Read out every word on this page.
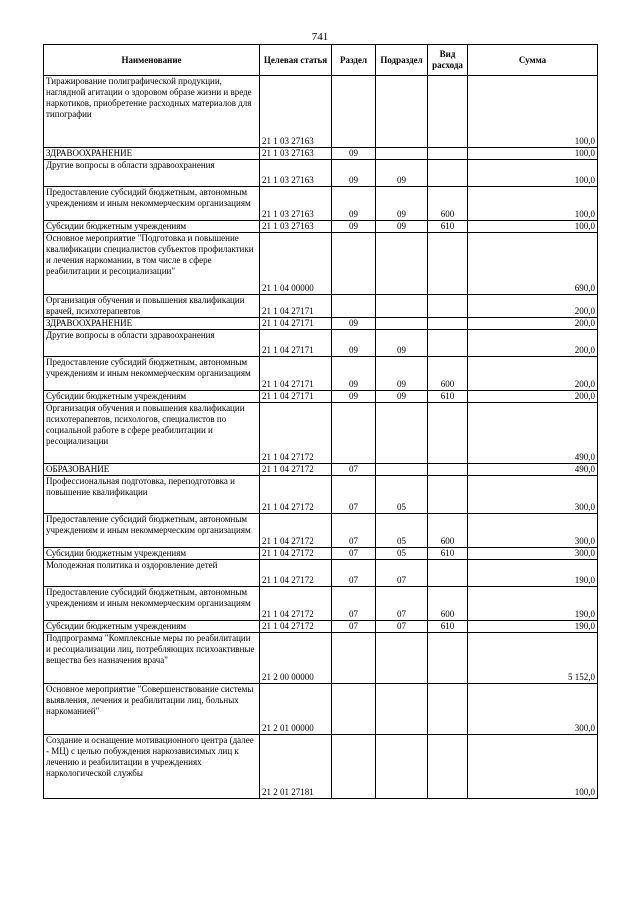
741
Наименование	Целевая статья	Раздел	Подраздел	Вид расхода	Сумма
Тиражирование полиграфической продукции, наглядной агитации о здоровом образе жизни и вреде наркотиков, приобретение расходных материалов для типографии	21 1 03 27163				100,0
ЗДРАВООХРАНЕНИЕ	21 1 03 27163	09			100,0
Другие вопросы в области здравоохранения	21 1 03 27163	09	09		100,0
Предоставление субсидий бюджетным, автономным учреждениям и иным некоммерческим организациям	21 1 03 27163	09	09	600	100,0
Субсидии бюджетным учреждениям	21 1 03 27163	09	09	610	100,0
Основное мероприятие "Подготовка и повышение квалификации специалистов субъектов профилактики и лечения наркомании, в том числе в сфере реабилитации и ресоциализации"	21 1 04 00000				690,0
Организация обучения и повышения квалификации врачей, психотерапевтов	21 1 04 27171				200,0
ЗДРАВООХРАНЕНИЕ	21 1 04 27171	09			200,0
Другие вопросы в области здравоохранения	21 1 04 27171	09	09		200,0
Предоставление субсидий бюджетным, автономным учреждениям и иным некоммерческим организациям	21 1 04 27171	09	09	600	200,0
Субсидии бюджетным учреждениям	21 1 04 27171	09	09	610	200,0
Организация обучения и повышения квалификации психотерапевтов, психологов, специалистов по социальной работе в сфере реабилитации и ресоциализации	21 1 04 27172				490,0
ОБРАЗОВАНИЕ	21 1 04 27172	07			490,0
Профессиональная подготовка, переподготовка и повышение квалификации	21 1 04 27172	07	05		300,0
Предоставление субсидий бюджетным, автономным учреждениям и иным некоммерческим организациям	21 1 04 27172	07	05	600	300,0
Субсидии бюджетным учреждениям	21 1 04 27172	07	05	610	300,0
Молодежная политика и оздоровление детей	21 1 04 27172	07	07		190,0
Предоставление субсидий бюджетным, автономным учреждениям и иным некоммерческим организациям	21 1 04 27172	07	07	600	190,0
Субсидии бюджетным учреждениям	21 1 04 27172	07	07	610	190,0
Подпрограмма "Комплексные меры по реабилитации и ресоциализации лиц, потребляющих психоактивные вещества без назначения врача"	21 2 00 00000				5 152,0
Основное мероприятие "Совершенствование системы выявления, лечения и реабилитации лиц, больных наркоманией"	21 2 01 00000				300,0
Создание и оснащение мотивационного центра (далее - МЦ) с целью побуждения наркозависимых лиц к лечению и реабилитации в учреждениях наркологической службы	21 2 01 27181				100,0
